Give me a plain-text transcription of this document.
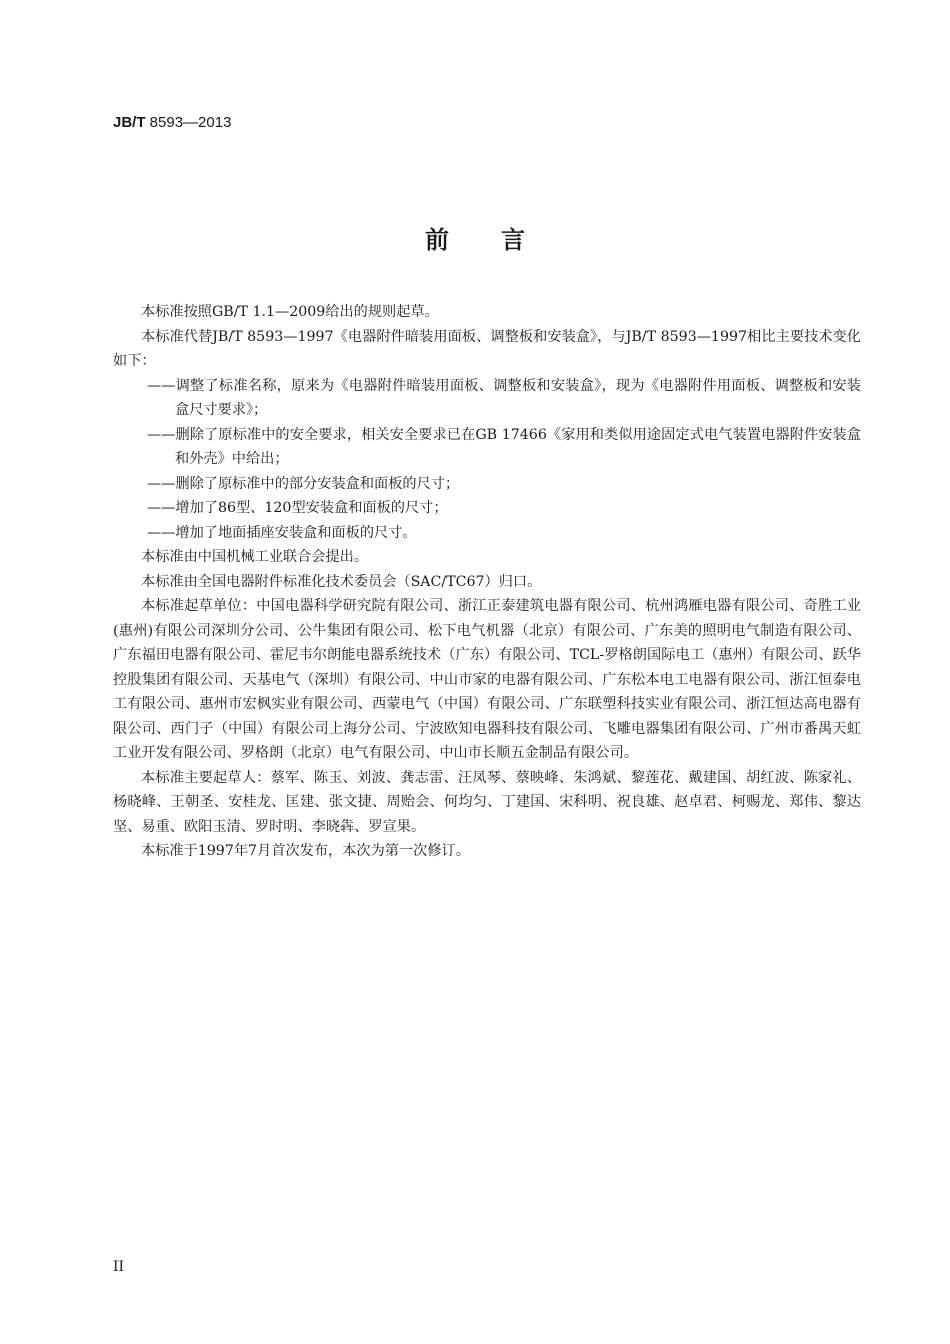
JB/T 8593—2013
前言

本标准按照GB/T 1.1—2009给出的规则起草。

本标准代替JB/T 8593—1997《电器附件暗装用面板、调整板和安装盒》，与JB/T 8593—1997相比主要技术变化如下：

——调整了标准名称，原来为《电器附件暗装用面板、调整板和安装盒》，现为《电器附件用面板、调整板和安装盒尺寸要求》；

——删除了原标准中的安全要求，相关安全要求已在GB 17466《家用和类似用途固定式电气装置电器附件安装盒和外壳》中给出；

——删除了原标准中的部分安装盒和面板的尺寸；

——增加了86型、120型安装盒和面板的尺寸；

——增加了地面插座安装盒和面板的尺寸。

本标准由中国机械工业联合会提出。

本标准由全国电器附件标准化技术委员会（SAC/TC67）归口。

本标准起草单位：中国电器科学研究院有限公司、浙江正泰建筑电器有限公司、杭州鸿雁电器有限公司、奇胜工业(惠州)有限公司深圳分公司、公牛集团有限公司、松下电气机器（北京）有限公司、广东美的照明电气制造有限公司、广东福田电器有限公司、霍尼韦尔朗能电器系统技术（广东）有限公司、TCL-罗格朗国际电工（惠州）有限公司、跃华控股集团有限公司、天基电气（深圳）有限公司、中山市家的电器有限公司、广东松本电工电器有限公司、浙江恒泰电工有限公司、惠州市宏枫实业有限公司、西蒙电气（中国）有限公司、广东联塑科技实业有限公司、浙江恒达高电器有限公司、西门子（中国）有限公司上海分公司、宁波欧知电器科技有限公司、飞雕电器集团有限公司、广州市番禺天虹工业开发有限公司、罗格朗（北京）电气有限公司、中山市长顺五金制品有限公司。

本标准主要起草人：蔡军、陈玉、刘波、龚志雷、汪凤琴、蔡映峰、朱鸿斌、黎莲花、戴建国、胡红波、陈家礼、杨晓峰、王朝圣、安桂龙、匡建、张文捷、周贻会、何均匀、丁建国、宋科明、祝良雄、赵卓君、柯赐龙、郑伟、黎达坚、易重、欧阳玉清、罗时明、李晓犇、罗宣果。

本标准于1997年7月首次发布，本次为第一次修订。

II
